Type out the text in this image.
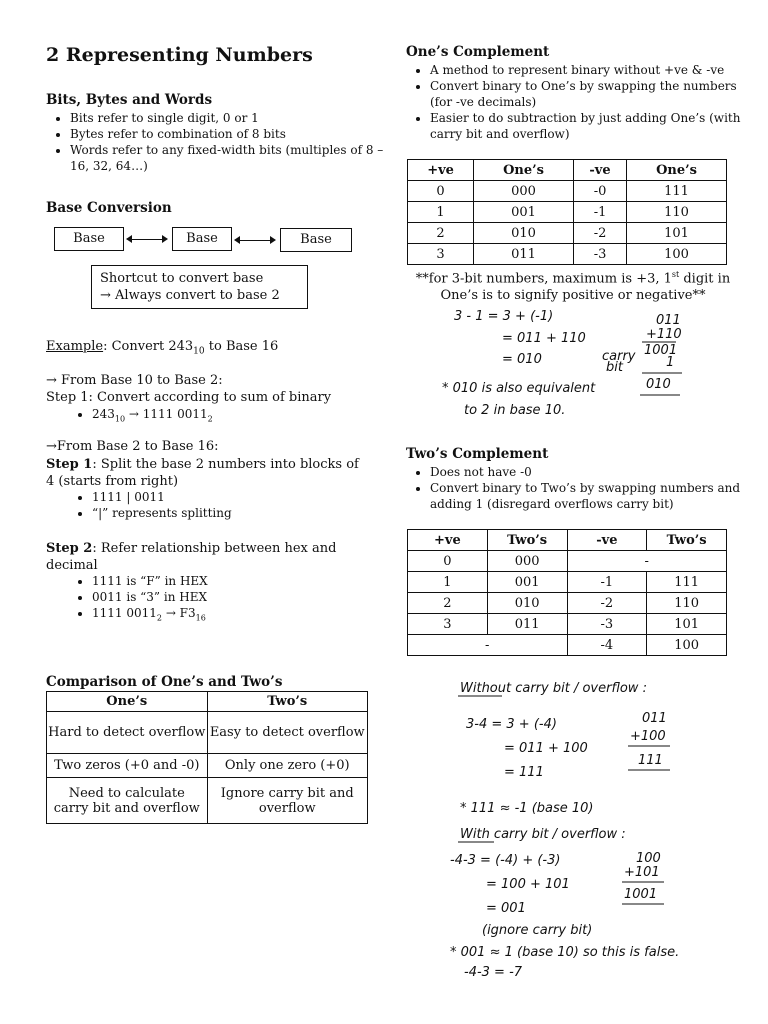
2 Representing Numbers
Bits, Bytes and Words
• Bits refer to single digit, 0 or 1
• Bytes refer to combination of 8 bits
• Words refer to any fixed-width bits (multiples of 8 – 16, 32, 64…)
Base Conversion
Base	Base	Base
Shortcut to convert base
→ Always convert to base 2
Example: Convert $243_{10}$ to Base 16
→ From Base 10 to Base 2:
Step 1: Convert according to sum of binary
• $243_{10} \to 1111$ $0011_2$
→From Base 2 to Base 16:
Step 1: Split the base 2 numbers into blocks of 4 (starts from right)
• 1111 | 0011
• “|” represents splitting
Step 2: Refer relationship between hex and decimal
• 1111 is “F” in HEX
• 0011 is “3” in HEX
• 1111 $0011_2 \to F3_{16}$
Comparison of One’s and Two’s
One’s	Two’s
Hard to detect overflow	Easy to detect overflow
Two zeros (+0 and -0)	Only one zero (+0)
Need to calculate carry bit and overflow	Ignore carry bit and overflow
One’s Complement
• A method to represent binary without +ve & -ve
• Convert binary to One’s by swapping the numbers (for -ve decimals)
• Easier to do subtraction by just adding One’s (with carry bit and overflow)
+ve	One’s	-ve	One’s
0	000	-0	111
1	001	-1	110
2	010	-2	101
3	011	-3	100
**for 3-bit numbers, maximum is +3, 1st digit in One’s is to signify positive or negative**
3 - 1 = 3 + (-1)
= 011 + 110
= 010
011
+110
1001
1
010
carry
bit
* 010 is also equivalent
to 2 in base 10.
Two’s Complement
• Does not have -0
• Convert binary to Two’s by swapping numbers and adding 1 (disregard overflows carry bit)
+ve	Two’s	-ve	Two’s
0	000	-	
1	001	-1	111
2	010	-2	110
3	011	-3	101
-		-4	100
Without carry bit / overflow :
3-4 = 3 + (-4)
= 011 + 100
= 111
011
+100
111
* 111 ≈ -1 (base 10)
With carry bit / overflow :
-4-3 = (-4) + (-3)
= 100 + 101
= 001
(ignore carry bit)
100
+101
1001
* 001 ≈ 1 (base 10) so this is false.
-4-3 = -7
